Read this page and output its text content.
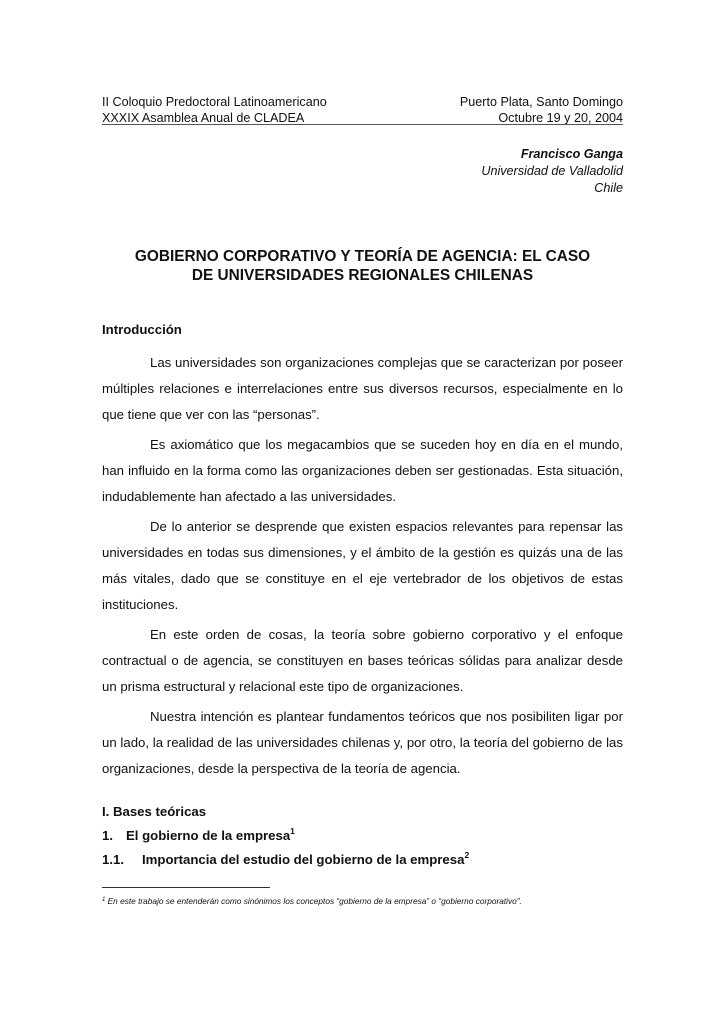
II Coloquio Predoctoral Latinoamericano	Puerto Plata, Santo Domingo
XXXIX Asamblea Anual de CLADEA	Octubre 19 y 20, 2004
Francisco Ganga
Universidad de Valladolid
Chile
GOBIERNO CORPORATIVO Y TEORÍA DE AGENCIA: EL CASO
DE UNIVERSIDADES REGIONALES CHILENAS
Introducción

Las universidades son organizaciones complejas que se caracterizan por poseer múltiples relaciones e interrelaciones entre sus diversos recursos, especialmente en lo que tiene que ver con las “personas”.

Es axiomático que los megacambios que se suceden hoy en día en el mundo, han influido en la forma como las organizaciones deben ser gestionadas. Esta situación, indudablemente han afectado a las universidades.

De lo anterior se desprende que existen espacios relevantes para repensar las universidades en todas sus dimensiones, y el ámbito de la gestión es quizás una de las más vitales, dado que se constituye en el eje vertebrador de los objetivos de estas instituciones.

En este orden de cosas, la teoría sobre gobierno corporativo y el enfoque contractual o de agencia, se constituyen en bases teóricas sólidas para analizar desde un prisma estructural y relacional este tipo de organizaciones.

Nuestra intención es plantear fundamentos teóricos que nos posibiliten ligar por un lado, la realidad de las universidades chilenas y, por otro, la teoría del gobierno de las organizaciones, desde la perspectiva de la teoría de agencia.

I. Bases teóricas
1. El gobierno de la empresa$^1$
1.1. Importancia del estudio del gobierno de la empresa$^2$
$^1$ En este trabajo se entenderán como sinónimos los conceptos “gobierno de la empresa” o “gobierno corporativo”.
